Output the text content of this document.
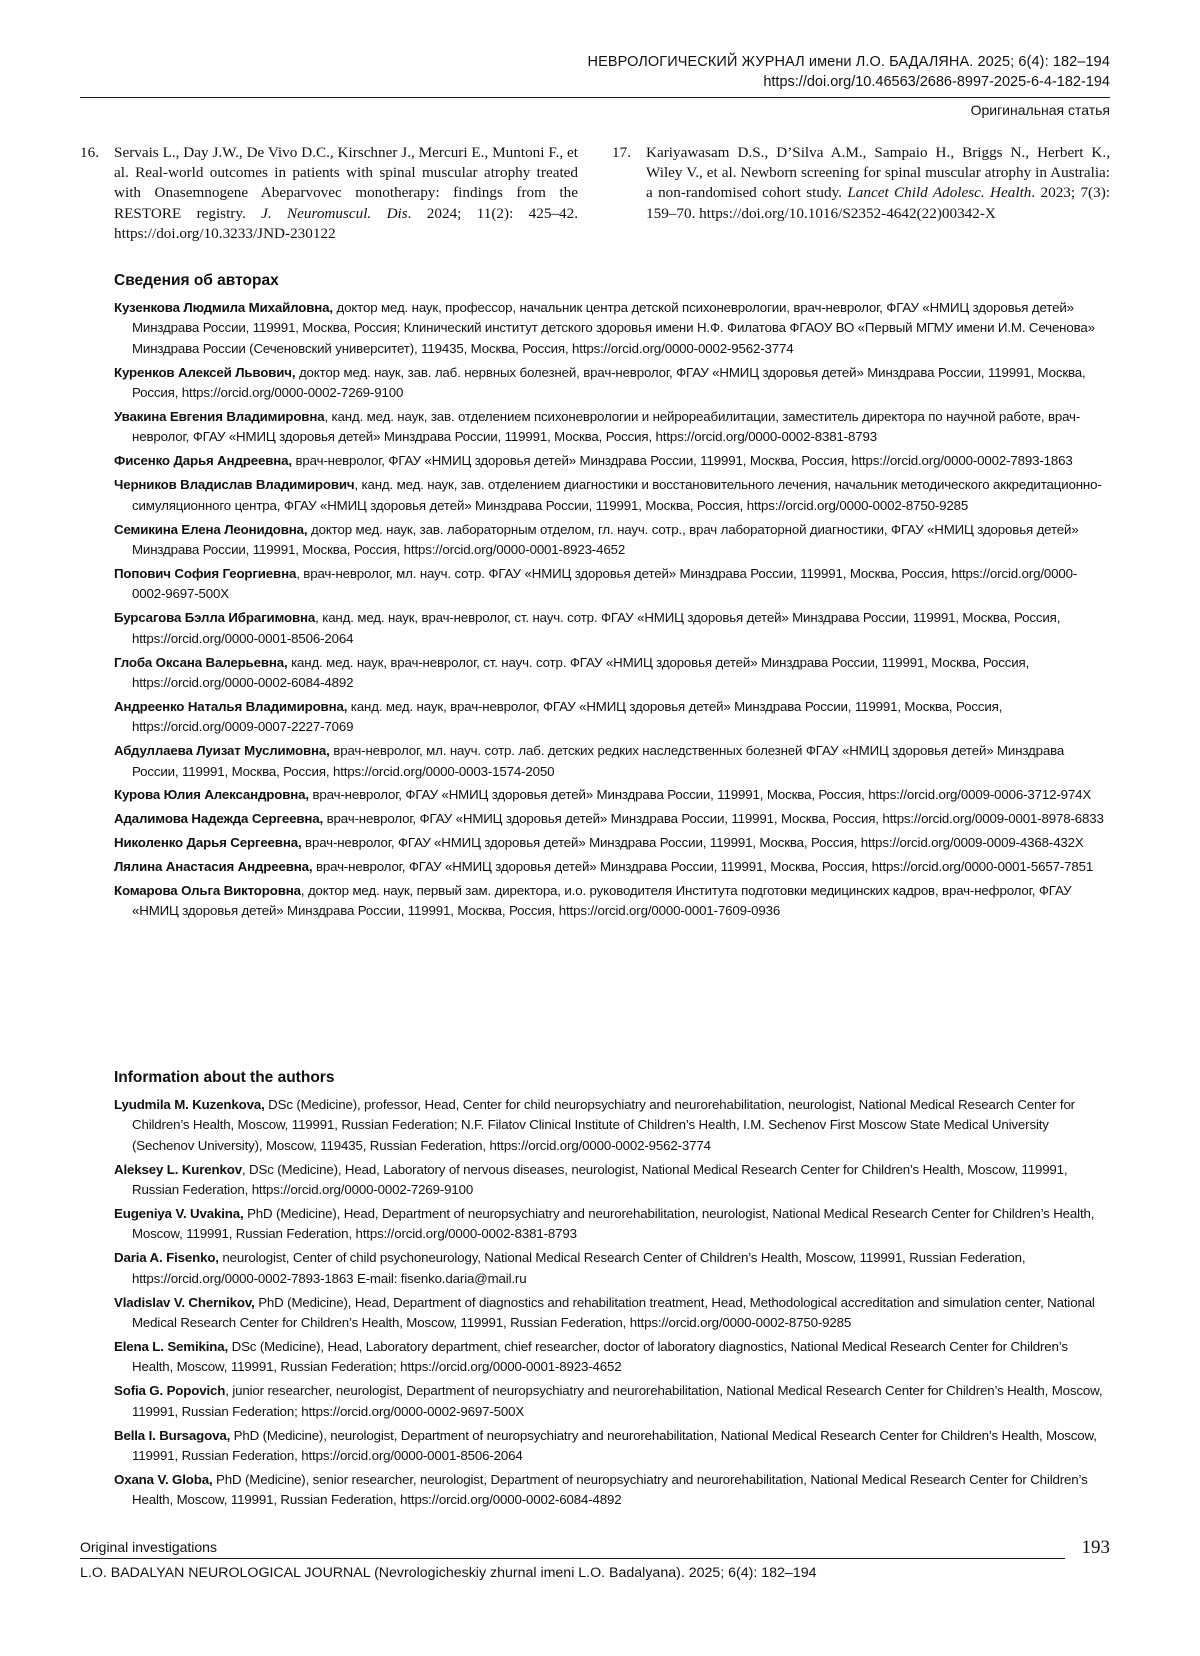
НЕВРОЛОГИЧЕСКИЙ ЖУРНАЛ имени Л.О. БАДАЛЯНА. 2025; 6(4): 182–194
https://doi.org/10.46563/2686-8997-2025-6-4-182-194
Оригинальная статья
16. Servais L., Day J.W., De Vivo D.C., Kirschner J., Mercuri E., Muntoni F., et al. Real-world outcomes in patients with spinal muscular atrophy treated with Onasemnogene Abeparvovec monotherapy: findings from the RESTORE registry. J. Neuromuscul. Dis. 2024; 11(2): 425–42. https://doi.org/10.3233/JND-230122
17. Kariyawasam D.S., D’Silva A.M., Sampaio H., Briggs N., Herbert K., Wiley V., et al. Newborn screening for spinal muscular atrophy in Australia: a non-randomised cohort study. Lancet Child Adolesc. Health. 2023; 7(3): 159–70. https://doi.org/10.1016/S2352-4642(22)00342-X
Сведения об авторах
Кузенкова Людмила Михайловна, доктор мед. наук, профессор, начальник центра детской психоневрологии, врач-невролог, ФГАУ «НМИЦ здоровья детей» Минздрава России, 119991, Москва, Россия; Клинический институт детского здоровья имени Н.Ф. Филатова ФГАОУ ВО «Первый МГМУ имени И.М. Сеченова» Минздрава России (Сеченовский университет), 119435, Москва, Россия, https://orcid.org/0000-0002-9562-3774
Куренков Алексей Львович, доктор мед. наук, зав. лаб. нервных болезней, врач-невролог, ФГАУ «НМИЦ здоровья детей» Минздрава России, 119991, Москва, Россия, https://orcid.org/0000-0002-7269-9100
Увакина Евгения Владимировна, канд. мед. наук, зав. отделением психоневрологии и нейрореабилитации, заместитель директора по научной работе, врач-невролог, ФГАУ «НМИЦ здоровья детей» Минздрава России, 119991, Москва, Россия, https://orcid.org/0000-0002-8381-8793
Фисенко Дарья Андреевна, врач-невролог, ФГАУ «НМИЦ здоровья детей» Минздрава России, 119991, Москва, Россия, https://orcid.org/0000-0002-7893-1863
Черников Владислав Владимирович, канд. мед. наук, зав. отделением диагностики и восстановительного лечения, начальник методического аккредитационно-симуляционного центра, ФГАУ «НМИЦ здоровья детей» Минздрава России, 119991, Москва, Россия, https://orcid.org/0000-0002-8750-9285
Семикина Елена Леонидовна, доктор мед. наук, зав. лабораторным отделом, гл. науч. сотр., врач лабораторной диагностики, ФГАУ «НМИЦ здоровья детей» Минздрава России, 119991, Москва, Россия, https://orcid.org/0000-0001-8923-4652
Попович София Георгиевна, врач-невролог, мл. науч. сотр. ФГАУ «НМИЦ здоровья детей» Минздрава России, 119991, Москва, Россия, https://orcid.org/0000-0002-9697-500X
Бурсагова Бэлла Ибрагимовна, канд. мед. наук, врач-невролог, ст. науч. сотр. ФГАУ «НМИЦ здоровья детей» Минздрава России, 119991, Москва, Россия, https://orcid.org/0000-0001-8506-2064
Глоба Оксана Валерьевна, канд. мед. наук, врач-невролог, ст. науч. сотр. ФГАУ «НМИЦ здоровья детей» Минздрава России, 119991, Москва, Россия, https://orcid.org/0000-0002-6084-4892
Андреенко Наталья Владимировна, канд. мед. наук, врач-невролог, ФГАУ «НМИЦ здоровья детей» Минздрава России, 119991, Москва, Россия, https://orcid.org/0009-0007-2227-7069
Абдуллаева Луизат Муслимовна, врач-невролог, мл. науч. сотр. лаб. детских редких наследственных болезней ФГАУ «НМИЦ здоровья детей» Минздрава России, 119991, Москва, Россия, https://orcid.org/0000-0003-1574-2050
Курова Юлия Александровна, врач-невролог, ФГАУ «НМИЦ здоровья детей» Минздрава России, 119991, Москва, Россия, https://orcid.org/0009-0006-3712-974X
Адалимова Надежда Сергеевна, врач-невролог, ФГАУ «НМИЦ здоровья детей» Минздрава России, 119991, Москва, Россия, https://orcid.org/0009-0001-8978-6833
Николенко Дарья Сергеевна, врач-невролог, ФГАУ «НМИЦ здоровья детей» Минздрава России, 119991, Москва, Россия, https://orcid.org/0009-0009-4368-432X
Лялина Анастасия Андреевна, врач-невролог, ФГАУ «НМИЦ здоровья детей» Минздрава России, 119991, Москва, Россия, https://orcid.org/0000-0001-5657-7851
Комарова Ольга Викторовна, доктор мед. наук, первый зам. директора, и.о. руководителя Института подготовки медицинских кадров, врач-нефролог, ФГАУ «НМИЦ здоровья детей» Минздрава России, 119991, Москва, Россия, https://orcid.org/0000-0001-7609-0936
Information about the authors
Lyudmila M. Kuzenkova, DSc (Medicine), professor, Head, Center for child neuropsychiatry and neurorehabilitation, neurologist, National Medical Research Center for Children’s Health, Moscow, 119991, Russian Federation; N.F. Filatov Clinical Institute of Children’s Health, I.M. Sechenov First Moscow State Medical University (Sechenov University), Moscow, 119435, Russian Federation, https://orcid.org/0000-0002-9562-3774
Aleksey L. Kurenkov, DSc (Medicine), Head, Laboratory of nervous diseases, neurologist, National Medical Research Center for Children’s Health, Moscow, 119991, Russian Federation, https://orcid.org/0000-0002-7269-9100
Eugeniya V. Uvakina, PhD (Medicine), Head, Department of neuropsychiatry and neurorehabilitation, neurologist, National Medical Research Center for Children’s Health, Moscow, 119991, Russian Federation, https://orcid.org/0000-0002-8381-8793
Daria A. Fisenko, neurologist, Center of child psychoneurology, National Medical Research Center of Children’s Health, Moscow, 119991, Russian Federation, https://orcid.org/0000-0002-7893-1863 E-mail: fisenko.daria@mail.ru
Vladislav V. Chernikov, PhD (Medicine), Head, Department of diagnostics and rehabilitation treatment, Head, Methodological accreditation and simulation center, National Medical Research Center for Children’s Health, Moscow, 119991, Russian Federation, https://orcid.org/0000-0002-8750-9285
Elena L. Semikina, DSc (Medicine), Head, Laboratory department, chief researcher, doctor of laboratory diagnostics, National Medical Research Center for Children’s Health, Moscow, 119991, Russian Federation; https://orcid.org/0000-0001-8923-4652
Sofia G. Popovich, junior researcher, neurologist, Department of neuropsychiatry and neurorehabilitation, National Medical Research Center for Children’s Health, Moscow, 119991, Russian Federation; https://orcid.org/0000-0002-9697-500X
Bella I. Bursagova, PhD (Medicine), neurologist, Department of neuropsychiatry and neurorehabilitation, National Medical Research Center for Children’s Health, Moscow, 119991, Russian Federation, https://orcid.org/0000-0001-8506-2064
Oxana V. Globa, PhD (Medicine), senior researcher, neurologist, Department of neuropsychiatry and neurorehabilitation, National Medical Research Center for Children’s Health, Moscow, 119991, Russian Federation, https://orcid.org/0000-0002-6084-4892
Original investigations	193
L.O. BADALYAN NEUROLOGICAL JOURNAL (Nevrologicheskiy zhurnal imeni L.O. Badalyana). 2025; 6(4): 182–194
